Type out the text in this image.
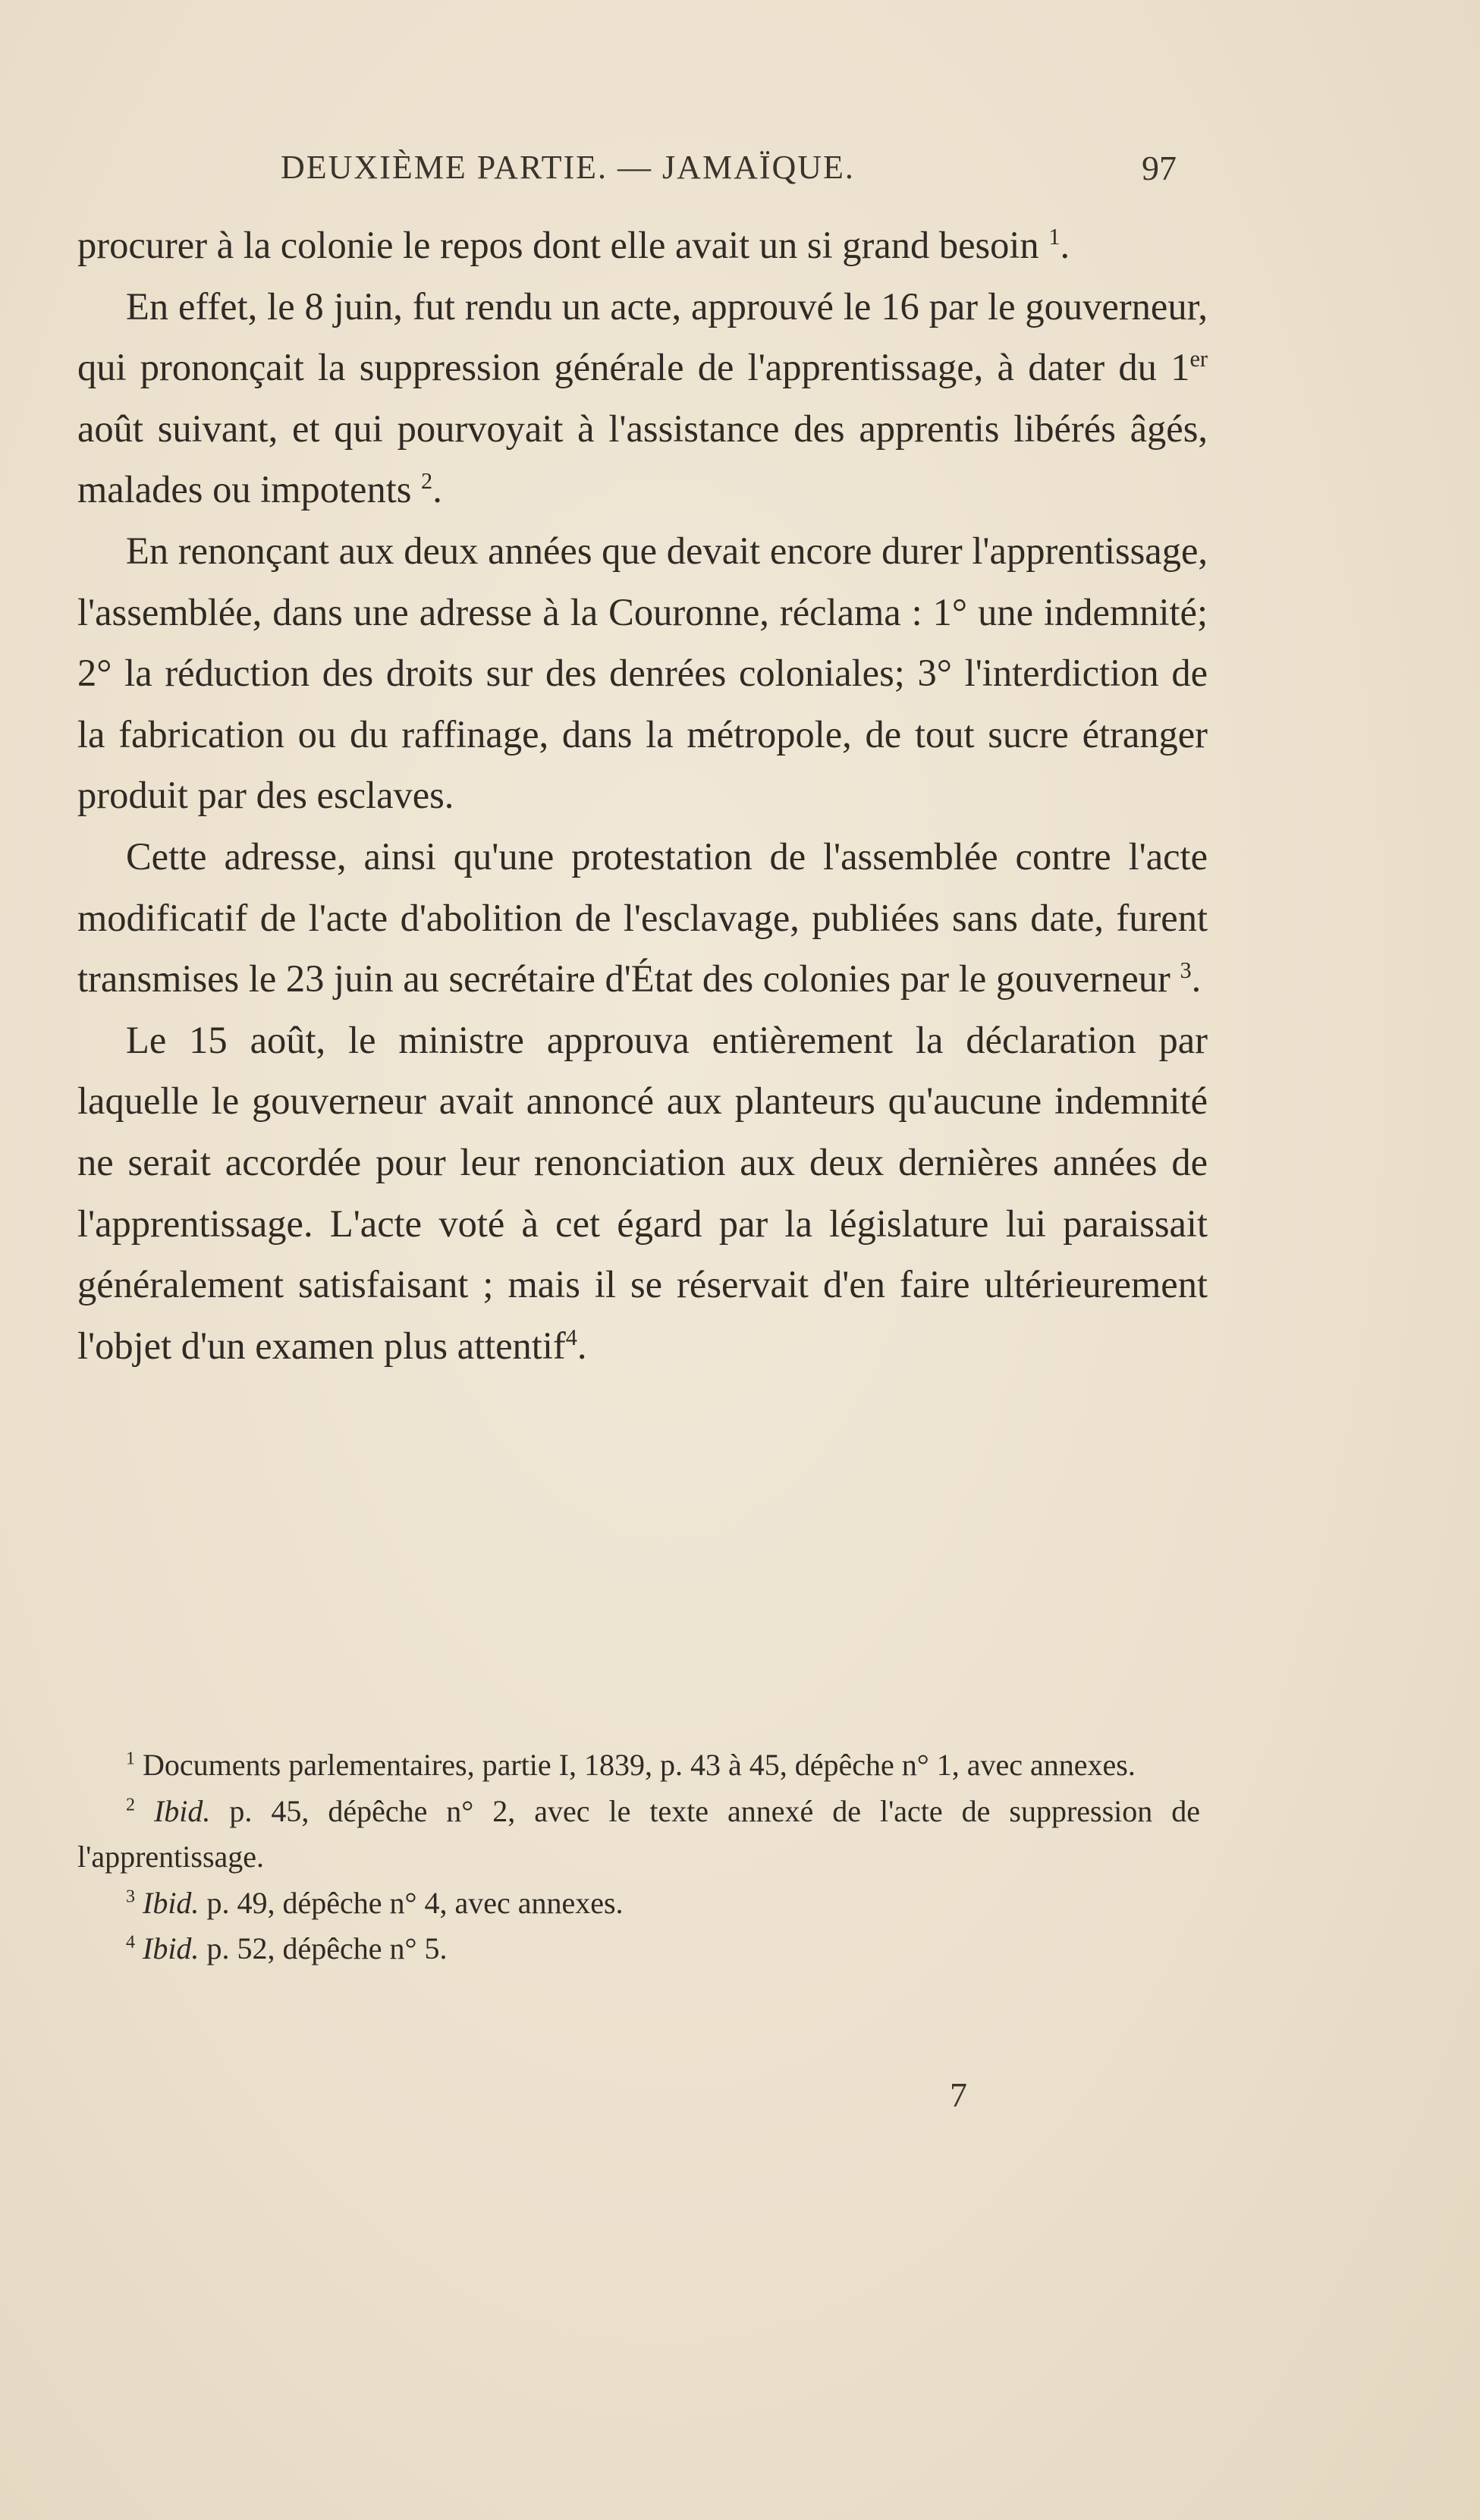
DEUXIÈME PARTIE. — JAMAÏQUE.	97

procurer à la colonie le repos dont elle avait un si grand besoin $^1$.

En effet, le 8 juin, fut rendu un acte, approuvé le 16 par le gouverneur, qui prononçait la suppression générale de l'apprentissage, à dater du 1er août suivant, et qui pourvoyait à l'assistance des apprentis libérés âgés, malades ou impotents $^2$.

En renonçant aux deux années que devait encore durer l'apprentissage, l'assemblée, dans une adresse à la Couronne, réclama : 1° une indemnité; 2° la réduction des droits sur des denrées coloniales; 3° l'interdiction de la fabrication ou du raffinage, dans la métropole, de tout sucre étranger produit par des esclaves.

Cette adresse, ainsi qu'une protestation de l'assemblée contre l'acte modificatif de l'acte d'abolition de l'esclavage, publiées sans date, furent transmises le 23 juin au secrétaire d'État des colonies par le gouverneur $^3$.

Le 15 août, le ministre approuva entièrement la déclaration par laquelle le gouverneur avait annoncé aux planteurs qu'aucune indemnité ne serait accordée pour leur renonciation aux deux dernières années de l'apprentissage. L'acte voté à cet égard par la législature lui paraissait généralement satisfaisant ; mais il se réservait d'en faire ultérieurement l'objet d'un examen plus attentif$^4$.

$^1$ Documents parlementaires, partie I, 1839, p. 43 à 45, dépêche n° 1, avec annexes.

$^2$ Ibid. p. 45, dépêche n° 2, avec le texte annexé de l'acte de suppression de l'apprentissage.

$^3$ Ibid. p. 49, dépêche n° 4, avec annexes.

$^4$ Ibid. p. 52, dépêche n° 5.

7
